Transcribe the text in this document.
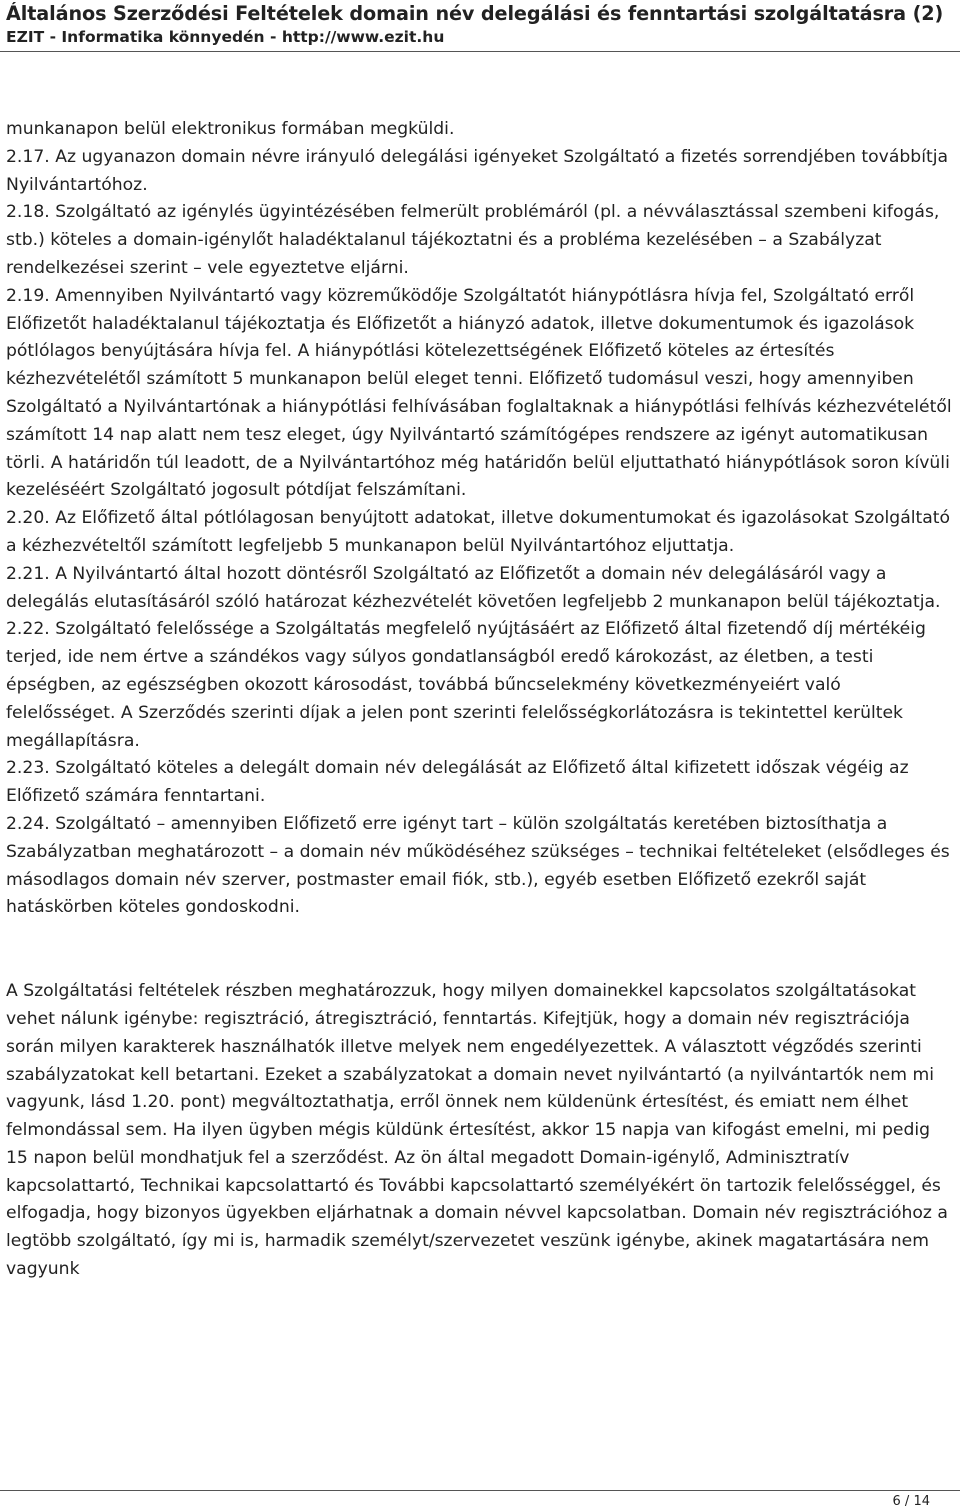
Általános Szerződési Feltételek domain név delegálási és fenntartási szolgáltatásra (2)
EZIT - Informatika könnyedén - http://www.ezit.hu

munkanapon belül elektronikus formában megküldi.

2.17. Az ugyanazon domain névre irányuló delegálási igényeket Szolgáltató a fizetés sorrendjében továbbítja Nyilvántartóhoz.

2.18. Szolgáltató az igénylés ügyintézésében felmerült problémáról (pl. a névválasztással szembeni kifogás, stb.) köteles a domain-igénylőt haladéktalanul tájékoztatni és a probléma kezelésében – a Szabályzat rendelkezései szerint – vele egyeztetve eljárni.

2.19. Amennyiben Nyilvántartó vagy közreműködője Szolgáltatót hiánypótlásra hívja fel, Szolgáltató erről Előfizetőt haladéktalanul tájékoztatja és Előfizetőt a hiányzó adatok, illetve dokumentumok és igazolások pótlólagos benyújtására hívja fel. A hiánypótlási kötelezettségének Előfizető köteles az értesítés kézhezvételétől számított 5 munkanapon belül eleget tenni. Előfizető tudomásul veszi, hogy amennyiben Szolgáltató a Nyilvántartónak a hiánypótlási felhívásában foglaltaknak a hiánypótlási felhívás kézhezvételétől számított 14 nap alatt nem tesz eleget, úgy Nyilvántartó számítógépes rendszere az igényt automatikusan törli. A határidőn túl leadott, de a Nyilvántartóhoz még határidőn belül eljuttatható hiánypótlások soron kívüli kezeléséért Szolgáltató jogosult pótdíjat felszámítani.

2.20. Az Előfizető által pótlólagosan benyújtott adatokat, illetve dokumentumokat és igazolásokat Szolgáltató a kézhezvételtől számított legfeljebb 5 munkanapon belül Nyilvántartóhoz eljuttatja.

2.21. A Nyilvántartó által hozott döntésről Szolgáltató az Előfizetőt a domain név delegálásáról vagy a delegálás elutasításáról szóló határozat kézhezvételét követően legfeljebb 2 munkanapon belül tájékoztatja.

2.22. Szolgáltató felelőssége a Szolgáltatás megfelelő nyújtásáért az Előfizető által fizetendő díj mértékéig terjed, ide nem értve a szándékos vagy súlyos gondatlanságból eredő károkozást, az életben, a testi épségben, az egészségben okozott károsodást, továbbá bűncselekmény következményeiért való felelősséget. A Szerződés szerinti díjak a jelen pont szerinti felelősségkorlátozásra is tekintettel kerültek megállapításra.

2.23. Szolgáltató köteles a delegált domain név delegálását az Előfizető által kifizetett időszak végéig az Előfizető számára fenntartani.

2.24. Szolgáltató – amennyiben Előfizető erre igényt tart – külön szolgáltatás keretében biztosíthatja a Szabályzatban meghatározott – a domain név működéséhez szükséges – technikai feltételeket (elsődleges és másodlagos domain név szerver, postmaster email fiók, stb.), egyéb esetben Előfizető ezekről saját hatáskörben köteles gondoskodni.

A Szolgáltatási feltételek részben meghatározzuk, hogy milyen domainekkel kapcsolatos szolgáltatásokat vehet nálunk igénybe: regisztráció, átregisztráció, fenntartás. Kifejtjük, hogy a domain név regisztrációja során milyen karakterek használhatók illetve melyek nem engedélyezettek. A választott végződés szerinti szabályzatokat kell betartani. Ezeket a szabályzatokat a domain nevet nyilvántartó (a nyilvántartók nem mi vagyunk, lásd 1.20. pont) megváltoztathatja, erről önnek nem küldenünk értesítést, és emiatt nem élhet felmondással sem. Ha ilyen ügyben mégis küldünk értesítést, akkor 15 napja van kifogást emelni, mi pedig 15 napon belül mondhatjuk fel a szerződést. Az ön által megadott Domain-igénylő, Adminisztratív kapcsolattartó, Technikai kapcsolattartó és További kapcsolattartó személyékért ön tartozik felelősséggel, és elfogadja, hogy bizonyos ügyekben eljárhatnak a domain névvel kapcsolatban. Domain név regisztrációhoz a legtöbb szolgáltató, így mi is, harmadik személyt/szervezetet veszünk igénybe, akinek magatartására nem vagyunk

6 / 14
